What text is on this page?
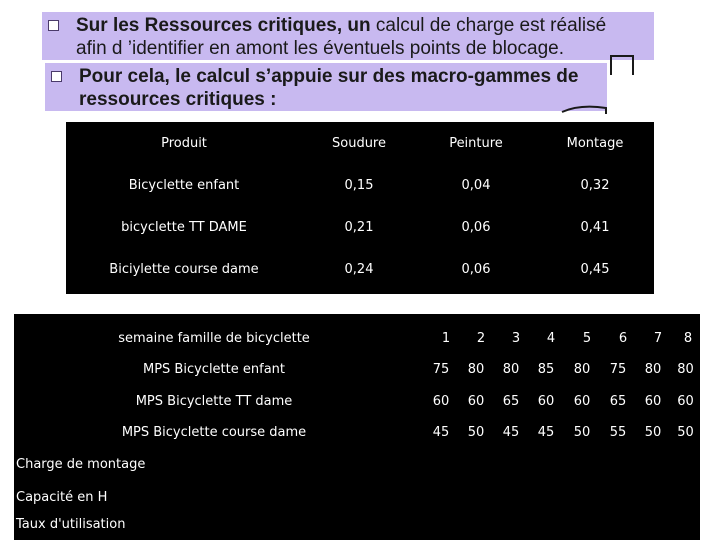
Sur les Ressources critiques, un calcul de charge est réalisé
afin d ’identifier en amont les éventuels points de blocage.
Pour cela, le calcul s’appuie sur des macro-gammes de
ressources critiques :
Produit	Soudure	Peinture	Montage
Bicyclette enfant	0,15	0,04	0,32
bicyclette TT DAME	0,21	0,06	0,41
Biciylette course dame	0,24	0,06	0,45
semaine famille de bicyclette	1	2	3	4	5	6	7	8
MPS Bicyclette enfant	75	80	80	85	80	75	80	80
MPS Bicyclette TT dame	60	60	65	60	60	65	60	60
MPS Bicyclette course dame	45	50	45	45	50	55	50	50
Charge de montage
Capacité en H
Taux d'utilisation
